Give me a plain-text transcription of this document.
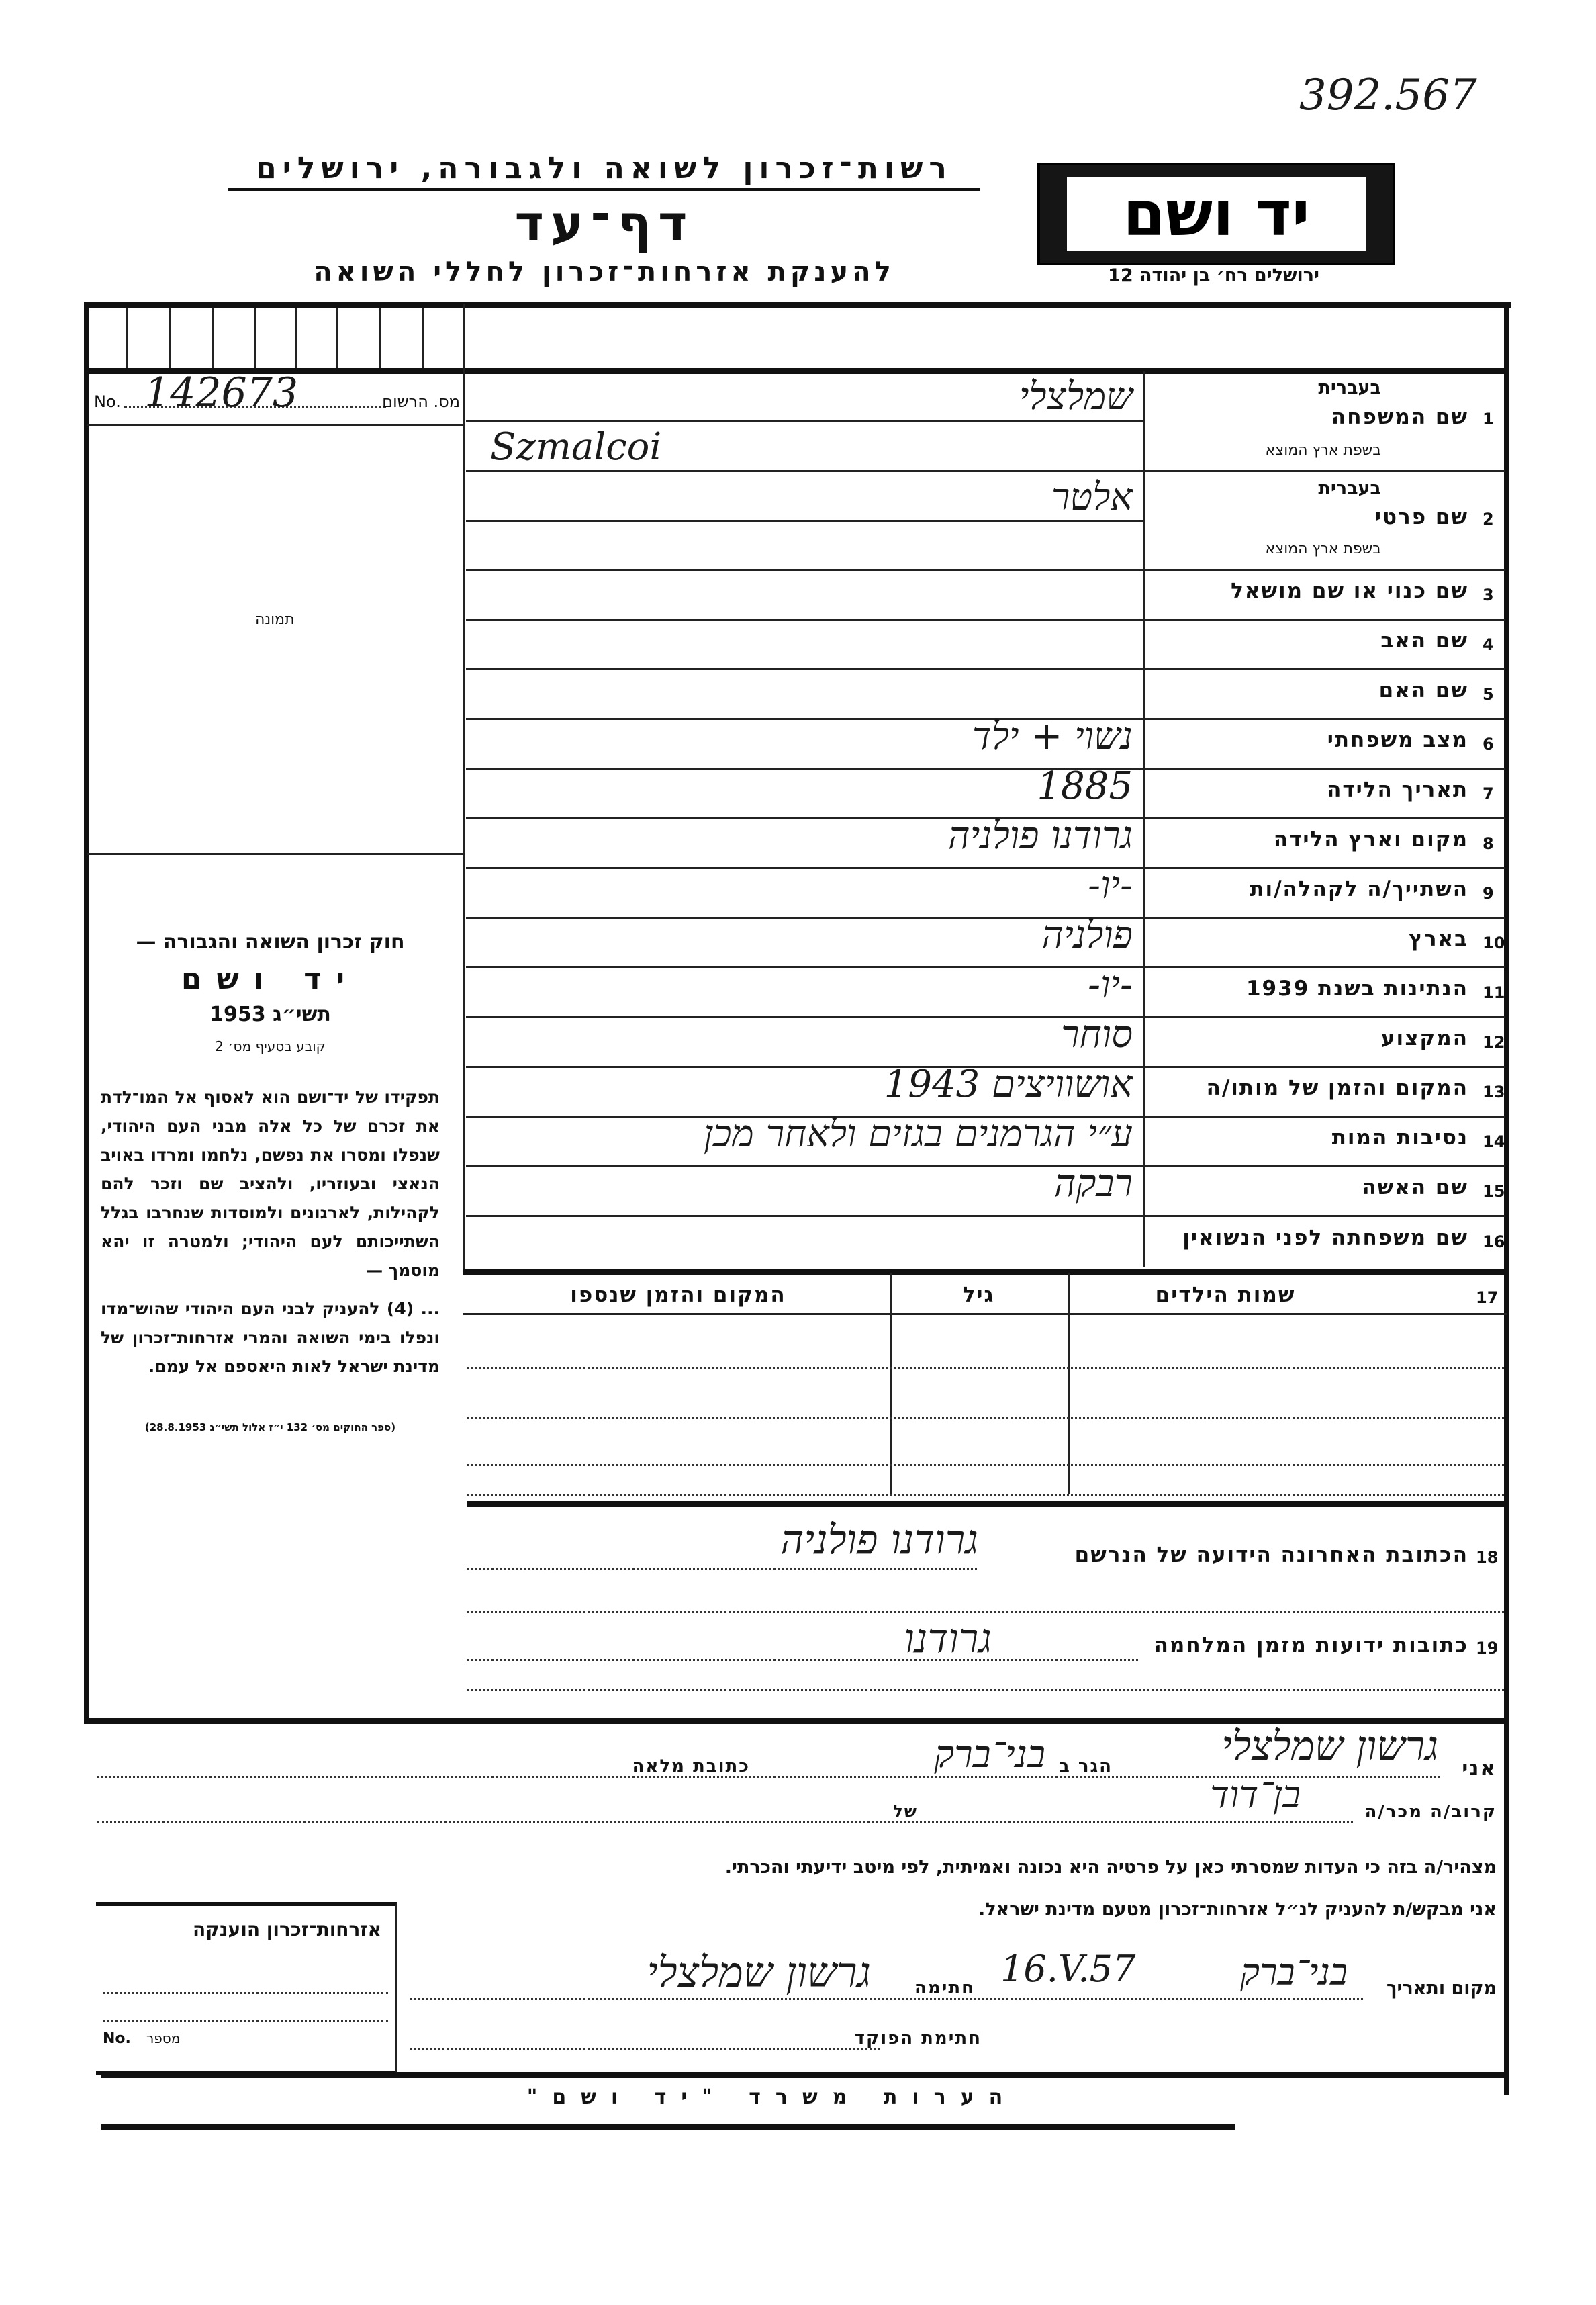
392.567
רשות־זכרון לשואה ולגבורה, ירושלים
דף־עד
להענקת אזרחות־זכרון לחללי השואה
יד ושם
ירושלים רח׳ בן יהודה 12
No. 142673	מס. הרשום
תמונה

חוק זכרון השואה והגבורה —

יד ושם

תשי״ג 1953

קובע בסעיף מס׳ 2

תפקידו של יד־ושם הוא לאסוף אל המו־לדת את זכרם של כל אלה מבני העם היהודי, שנפלו ומסרו את נפשם, נלחמו ומרדו באויב הנאצי ובעוזריו, ולהציב שם וזכר להם לקהילות, לארגונים ולמוסדות שנחרבו בגלל השתייכותם לעם היהודי; ולמטרה זו יהא מוסמך —

... (4) להעניק לבני העם היהודי שהוש־מדו ונפלו בימי השואה והמרי אזרחות־זכרון של מדינת ישראל לאות היאספם אל עמם.

(ספר החוקים מס׳ 132 י״ז אלול תשי״ג 28.8.1953)

1
שם המשפחה
בעברית
בשפת ארץ המוצא
שמלצלי
Szmalcoi
2
שם פרטי
בעברית
בשפת ארץ המוצא
אלטר
3
שם כנוי או שם מושאל
4
שם האב
5
שם האם
6
מצב משפחתי
נשוי + ילד
7
תאריך הלידה
1885
8
מקום וארץ הלידה
גרודנו פולניה
9
השתייך/ה לקהלה/ות
-יו-
10
בארץ
פולניה
11
הנתינות בשנת 1939
-יו-
12
המקצוע
סוחר
13
המקום והזמן של מותו/ה
אושוויצים 1943
14
נסיבות המות
ע״י הגרמנים בגזים ולאחר מכן
15
שם האשה
רבקה
16
שם משפחתה לפני הנשואין
17
שמות הילדים
גיל
המקום והזמן שנספו
18
הכתובת האחרונה הידועה של הנרשם
גרודנו פולניה
19
כתובות ידועות מזמן המלחמה
גרודנו
אני
גרשון שמלצלי
הגר ב
בני־ברק
כתובת מלאה
קרוב/ה מכר/ה
בן־דוד
של
מצהיר/ה בזה כי העדות שמסרתי כאן על פרטיה היא נכונה ואמיתית, לפי מיטב ידיעתי והכרתי.
אני מבקש/ת להעניק לנ״ל אזרחות־זכרון מטעם מדינת ישראל.
מקום ותאריך
בני־ברק
16.V.57
חתימה
גרשון שמלצלי
חתימת הפוקד
אזרחות־זכרון הוענקה
No. מספר
הערות משרד "יד ושם"
